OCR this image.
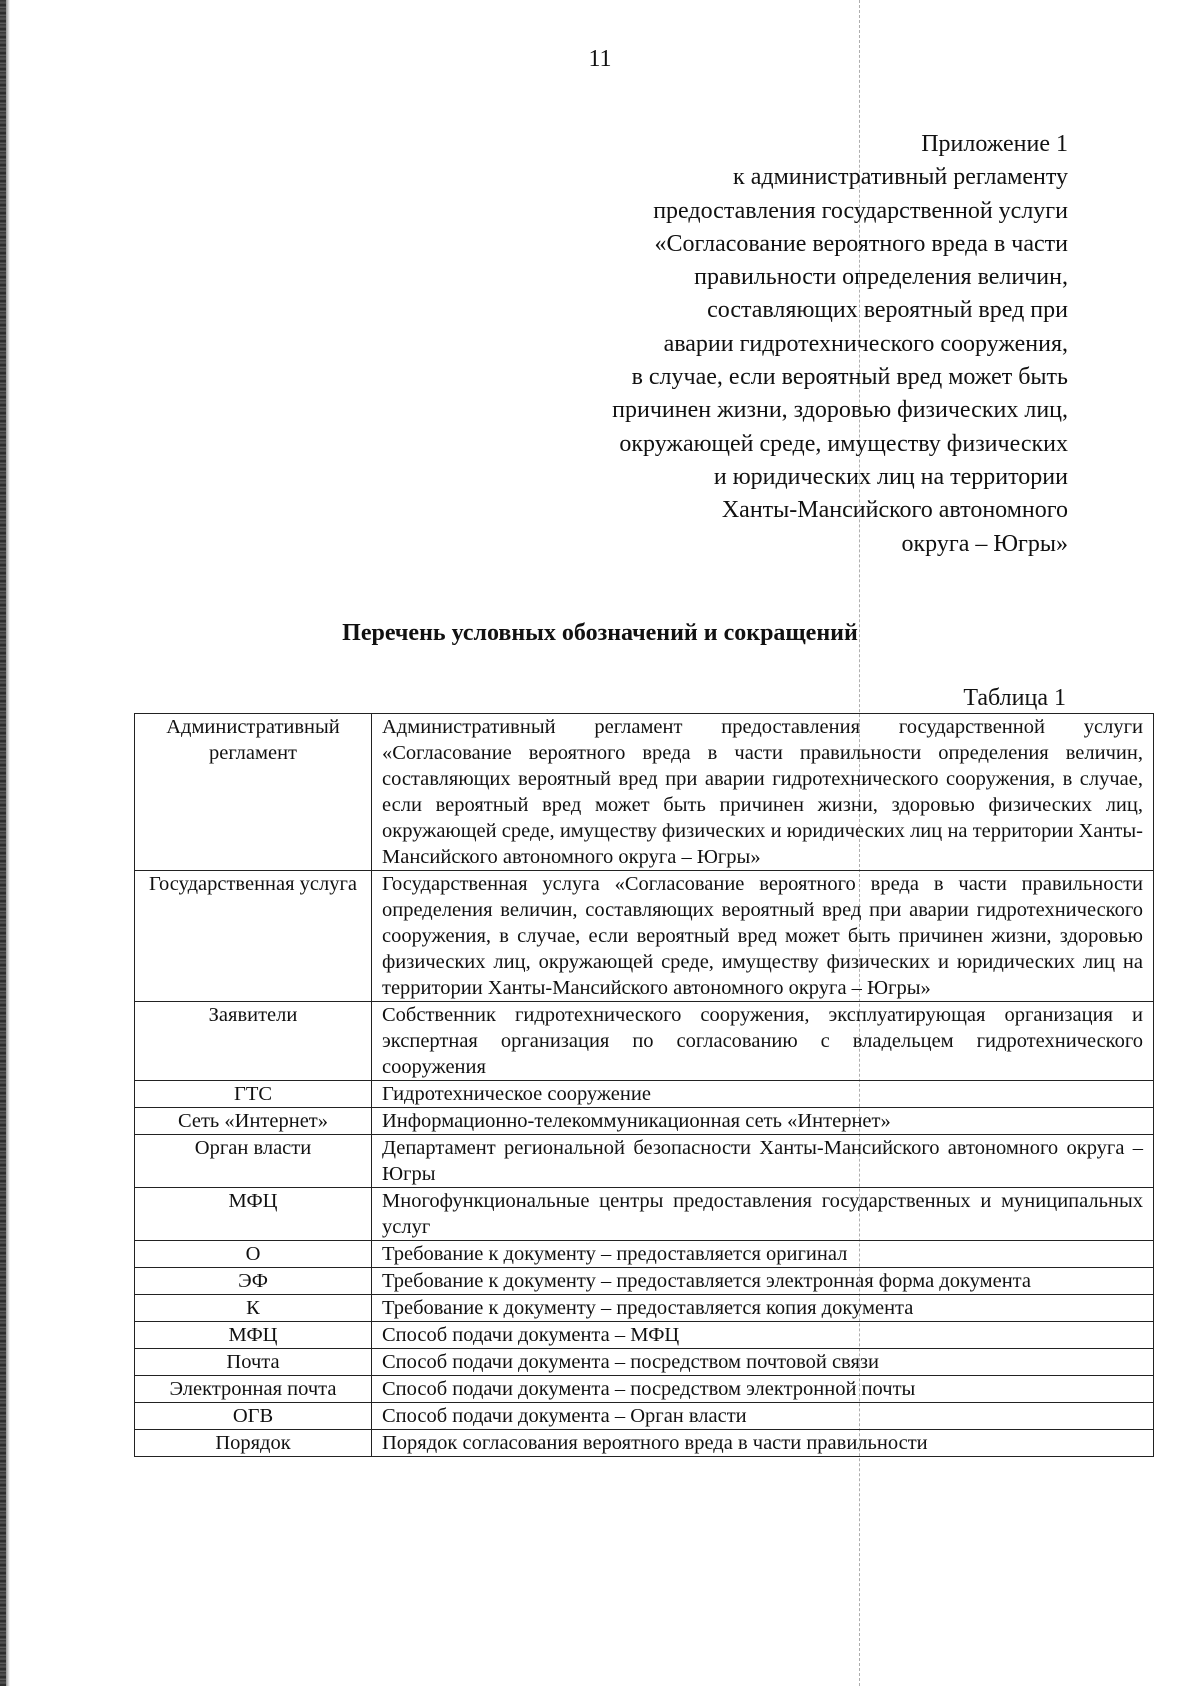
11
Приложение 1
к административный регламенту
предоставления государственной услуги
«Согласование вероятного вреда в части
правильности определения величин,
составляющих вероятный вред при
аварии гидротехнического сооружения,
в случае, если вероятный вред может быть
причинен жизни, здоровью физических лиц,
окружающей среде, имуществу физических
и юридических лиц на территории
Ханты-Мансийского автономного
округа – Югры»
Перечень условных обозначений и сокращений
Таблица 1
Административный регламент	Административный регламент предоставления государственной услуги «Согласование вероятного вреда в части правильности определения величин, составляющих вероятный вред при аварии гидротехнического сооружения, в случае, если вероятный вред может быть причинен жизни, здоровью физических лиц, окружающей среде, имуществу физических и юридических лиц на территории Ханты-Мансийского автономного округа – Югры»
Государственная услуга	Государственная услуга «Согласование вероятного вреда в части правильности определения величин, составляющих вероятный вред при аварии гидротехнического сооружения, в случае, если вероятный вред может быть причинен жизни, здоровью физических лиц, окружающей среде, имуществу физических и юридических лиц на территории Ханты-Мансийского автономного округа – Югры»
Заявители	Собственник гидротехнического сооружения, эксплуатирующая организация и экспертная организация по согласованию с владельцем гидротехнического сооружения
ГТС	Гидротехническое сооружение
Сеть «Интернет»	Информационно-телекоммуникационная сеть «Интернет»
Орган власти	Департамент региональной безопасности Ханты-Мансийского автономного округа – Югры
МФЦ	Многофункциональные центры предоставления государственных и муниципальных услуг
О	Требование к документу – предоставляется оригинал
ЭФ	Требование к документу – предоставляется электронная форма документа
К	Требование к документу – предоставляется копия документа
МФЦ	Способ подачи документа – МФЦ
Почта	Способ подачи документа – посредством почтовой связи
Электронная почта	Способ подачи документа – посредством электронной почты
ОГВ	Способ подачи документа – Орган власти
Порядок	Порядок согласования вероятного вреда в части правильности
